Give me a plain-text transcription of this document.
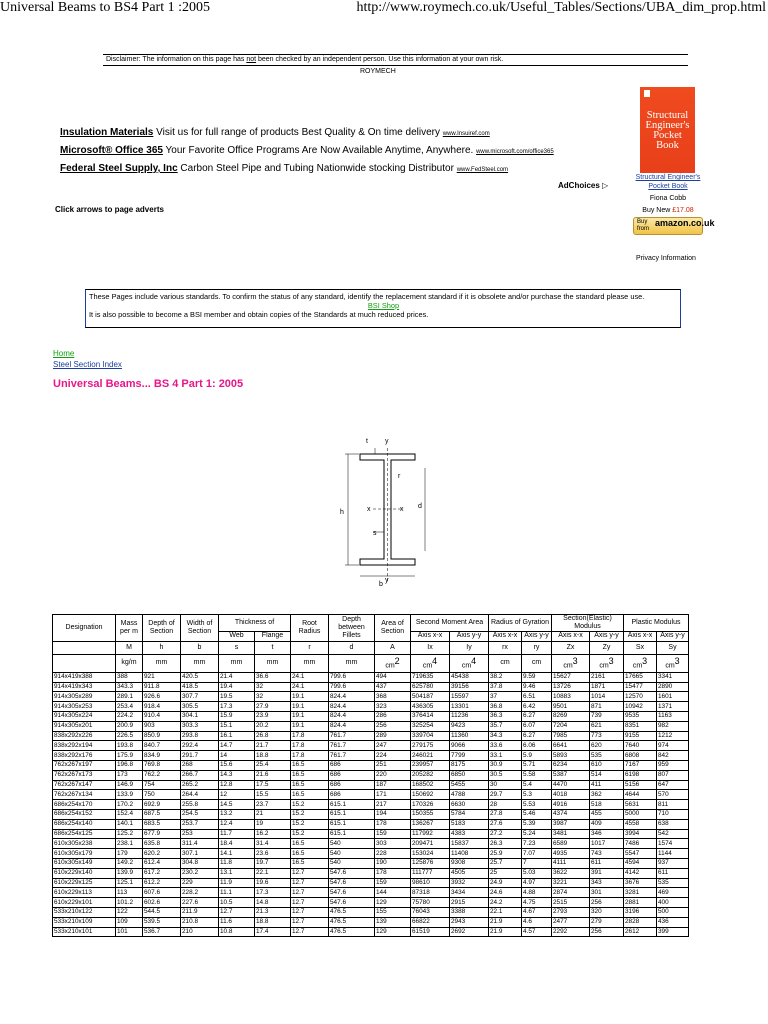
Universal Beams to BS4 Part 1 :2005	http://www.roymech.co.uk/Useful_Tables/Sections/UBA_dim_prop.html
Disclaimer: The information on this page has not been checked by an independent person. Use this information at your own risk.
ROYMECH
Insulation Materials Visit us for full range of products Best Quality & On time delivery www.Insuiref.com
Microsoft® Office 365 Your Favorite Office Programs Are Now Available Anytime, Anywhere. www.microsoft.com/office365
Federal Steel Supply, Inc Carbon Steel Pipe and Tubing Nationwide stocking Distributor www.FedSteel.com
AdChoices ▷
Click arrows to page adverts
Structural
Engineer's
Pocket
Book
Structural Engineer's
Pocket Book
Fiona Cobb
Buy New £17.08
Buy from
amazon.co.uk
Privacy Information
These Pages include various standards. To confirm the status of any standard, identify the replacement standard if it is obsolete and/or purchase the standard please use.
BSI Shop
It is also possible to become a BSI member and obtain copies of the Standards at much reduced prices.
Home
Steel Section Index
Universal Beams... BS 4 Part 1: 2005
t y
r
x	x
h
d
s
b
y
Designation	Mass per m	Depth of Section	Width of Section	Thickness of		Root Radius	Depth between Fillets	Area of Section	Second Moment Area		Radius of Gyration		Section(Elastic) Modulus		Plastic Modulus	
				Web	Flange				Axis x-x	Axis y-y	Axis x-x	Axis y-y	Axis x-x	Axis y-y	Axis x-x	Axis y-y

	M	h	b	s	t	r	d	A	Ix	Iy	rx	ry	Zx	Zy	Sx	Sy
	kg/m	mm	mm	mm	mm	mm	mm	$cm^2$	$cm^4$	$cm^4$	cm	cm	$cm^3$	$cm^3$	$cm^3$	$cm^3$
914x419x388	388	921	420.5	21.4	36.6	24.1	799.6	494	719635	45438	38.2	9.59	15627	2161	17665	3341
914x419x343	343.3	911.8	418.5	19.4	32	24.1	799.6	437	625780	39156	37.8	9.46	13726	1871	15477	2890
914x305x289	289.1	926.6	307.7	19.5	32	19.1	824.4	368	504187	15597	37	6.51	10883	1014	12570	1601
914x305x253	253.4	918.4	305.5	17.3	27.9	19.1	824.4	323	436305	13301	36.8	6.42	9501	871	10942	1371
914x305x224	224.2	910.4	304.1	15.9	23.9	19.1	824.4	286	376414	11236	36.3	6.27	8269	739	9535	1163
914x305x201	200.9	903	303.3	15.1	20.2	19.1	824.4	256	325254	9423	35.7	6.07	7204	621	8351	982
838x292x226	226.5	850.9	293.8	16.1	26.8	17.8	761.7	289	339704	11360	34.3	6.27	7985	773	9155	1212
838x292x194	193.8	840.7	292.4	14.7	21.7	17.8	761.7	247	279175	9066	33.6	6.06	6641	620	7640	974
838x292x176	175.9	834.9	291.7	14	18.8	17.8	761.7	224	246021	7799	33.1	5.9	5893	535	6808	842
762x267x197	196.8	769.8	268	15.6	25.4	16.5	686	251	239957	8175	30.9	5.71	6234	610	7167	959
762x267x173	173	762.2	266.7	14.3	21.6	16.5	686	220	205282	6850	30.5	5.58	5387	514	6198	807
762x267x147	146.9	754	265.2	12.8	17.5	16.5	686	187	168502	5455	30	5.4	4470	411	5156	647
762x267x134	133.9	750	264.4	12	15.5	16.5	686	171	150692	4788	29.7	5.3	4018	362	4644	570
686x254x170	170.2	692.9	255.8	14.5	23.7	15.2	615.1	217	170326	6630	28	5.53	4916	518	5631	811
686x254x152	152.4	687.5	254.5	13.2	21	15.2	615.1	194	150355	5784	27.8	5.46	4374	455	5000	710
686x254x140	140.1	683.5	253.7	12.4	19	15.2	615.1	178	136267	5183	27.6	5.39	3987	409	4558	638
686x254x125	125.2	677.9	253	11.7	16.2	15.2	615.1	159	117992	4383	27.2	5.24	3481	346	3994	542
610x305x238	238.1	635.8	311.4	18.4	31.4	16.5	540	303	209471	15837	26.3	7.23	6589	1017	7486	1574
610x305x179	179	620.2	307.1	14.1	23.6	16.5	540	228	153024	11408	25.9	7.07	4935	743	5547	1144
610x305x149	149.2	612.4	304.8	11.8	19.7	16.5	540	190	125876	9308	25.7	7	4111	611	4594	937
610x229x140	139.9	617.2	230.2	13.1	22.1	12.7	547.6	178	111777	4505	25	5.03	3622	391	4142	611
610x229x125	125.1	612.2	229	11.9	19.6	12.7	547.6	159	98610	3932	24.9	4.97	3221	343	3676	535
610x229x113	113	607.6	228.2	11.1	17.3	12.7	547.6	144	87318	3434	24.6	4.88	2874	301	3281	469
610x229x101	101.2	602.6	227.6	10.5	14.8	12.7	547.6	129	75780	2915	24.2	4.75	2515	256	2881	400
533x210x122	122	544.5	211.9	12.7	21.3	12.7	476.5	155	76043	3388	22.1	4.67	2793	320	3196	500
533x210x109	109	539.5	210.8	11.6	18.8	12.7	476.5	139	66822	2943	21.9	4.6	2477	279	2828	436
533x210x101	101	536.7	210	10.8	17.4	12.7	476.5	129	61519	2692	21.9	4.57	2292	256	2612	399
